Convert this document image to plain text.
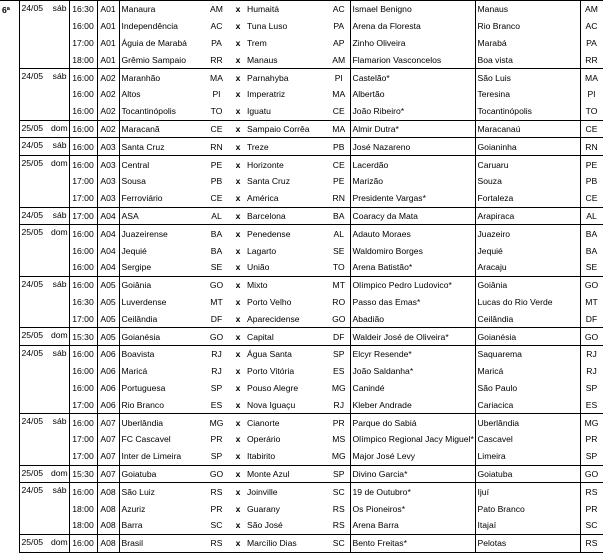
6ª	24/05	sáb	16:30	A01	Manaura	AM	x	Humaitá	AC	Ismael Benigno	Manaus	AM
			16:00	A01	Independência	AC	x	Tuna Luso	PA	Arena da Floresta	Rio Branco	AC
			17:00	A01	Águia de Marabá	PA	x	Trem	AP	Zinho Oliveira	Marabá	PA
			18:00	A01	Grêmio Sampaio	RR	x	Manaus	AM	Flamarion Vasconcelos	Boa vista	RR
	24/05	sáb	16:00	A02	Maranhão	MA	x	Parnahyba	PI	Castelão*	São Luis	MA
			16:00	A02	Altos	PI	x	Imperatriz	MA	Albertão	Teresina	PI
			16:00	A02	Tocantinópolis	TO	x	Iguatu	CE	João Ribeiro*	Tocantinópolis	TO
	25/05	dom	16:00	A02	Maracanã	CE	x	Sampaio Corrêa	MA	Almir Dutra*	Maracanaú	CE
	24/05	sáb	16:00	A03	Santa Cruz	RN	x	Treze	PB	José Nazareno	Goianinha	RN
	25/05	dom	16:00	A03	Central	PE	x	Horizonte	CE	Lacerdão	Caruaru	PE
			17:00	A03	Sousa	PB	x	Santa Cruz	PE	Marizão	Souza	PB
			17:00	A03	Ferroviário	CE	x	América	RN	Presidente Vargas*	Fortaleza	CE
	24/05	sáb	17:00	A04	ASA	AL	x	Barcelona	BA	Coaracy da Mata	Arapiraca	AL
	25/05	dom	16:00	A04	Juazeirense	BA	x	Penedense	AL	Adauto Moraes	Juazeiro	BA
			16:00	A04	Jequié	BA	x	Lagarto	SE	Waldomiro Borges	Jequié	BA
			16:00	A04	Sergipe	SE	x	União	TO	Arena Batistão*	Aracaju	SE
	24/05	sáb	16:00	A05	Goiânia	GO	x	Mixto	MT	Olímpico Pedro Ludovico*	Goiânia	GO
			16:30	A05	Luverdense	MT	x	Porto Velho	RO	Passo das Emas*	Lucas do Rio Verde	MT
			17:00	A05	Ceilândia	DF	x	Aparecidense	GO	Abadião	Ceilândia	DF
	25/05	dom	15:30	A05	Goianésia	GO	x	Capital	DF	Waldeir José de Oliveira*	Goianésia	GO
	24/05	sáb	16:00	A06	Boavista	RJ	x	Água Santa	SP	Elcyr Resende*	Saquarema	RJ
			16:00	A06	Maricá	RJ	x	Porto Vitória	ES	João Saldanha*	Maricá	RJ
			16:00	A06	Portuguesa	SP	x	Pouso Alegre	MG	Canindé	São Paulo	SP
			17:00	A06	Rio Branco	ES	x	Nova Iguaçu	RJ	Kleber Andrade	Cariacica	ES
	24/05	sáb	16:00	A07	Uberlândia	MG	x	Cianorte	PR	Parque do Sabiá	Uberlândia	MG
			17:00	A07	FC Cascavel	PR	x	Operário	MS	Olímpico Regional Jacy Miguel*	Cascavel	PR
			17:00	A07	Inter de Limeira	SP	x	Itabirito	MG	Major José Levy	Limeira	SP
	25/05	dom	15:30	A07	Goiatuba	GO	x	Monte Azul	SP	Divino Garcia*	Goiatuba	GO
	24/05	sáb	16:00	A08	São Luiz	RS	x	Joinville	SC	19 de Outubro*	Ijuí	RS
			18:00	A08	Azuriz	PR	x	Guarany	RS	Os Pioneiros*	Pato Branco	PR
			18:00	A08	Barra	SC	x	São José	RS	Arena Barra	Itajaí	SC
	25/05	dom	16:00	A08	Brasil	RS	x	Marcílio Dias	SC	Bento Freitas*	Pelotas	RS
